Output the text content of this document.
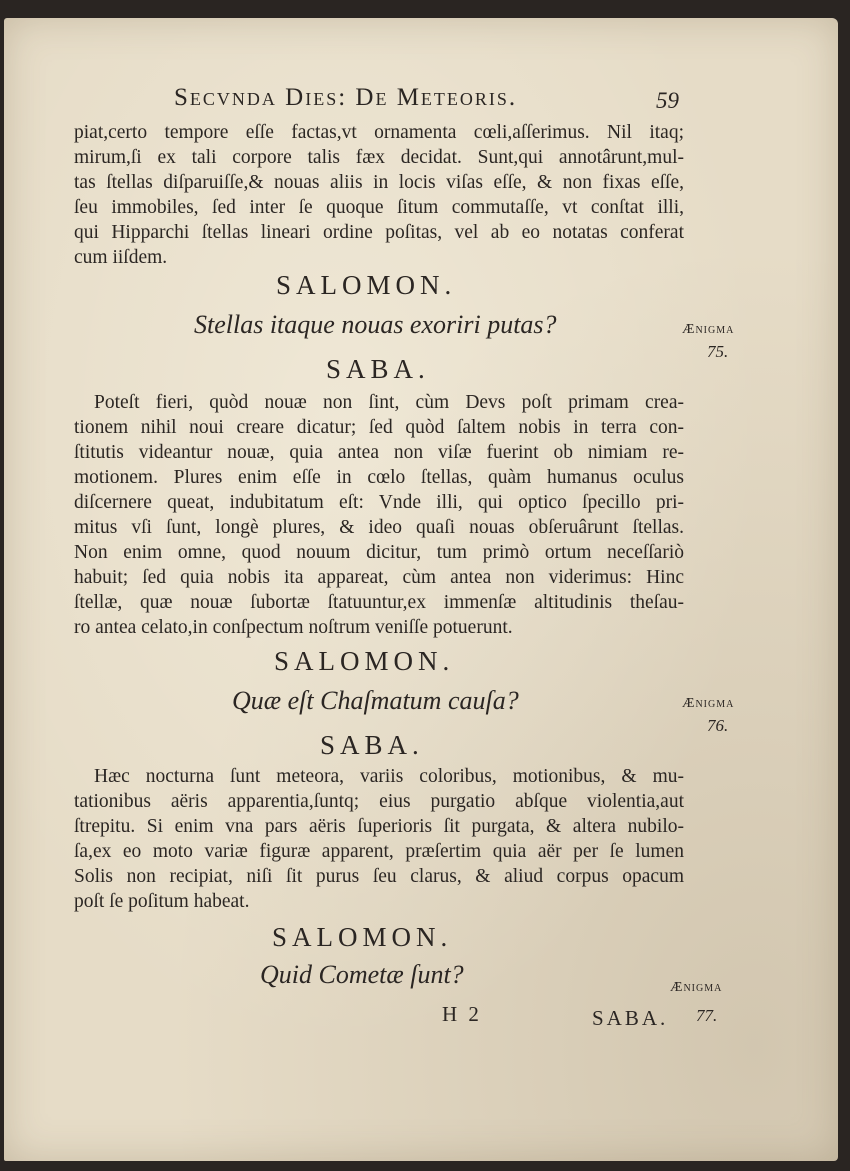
Secvnda Dies: De Meteoris.	59
piat,certo tempore eſſe factas,vt ornamenta cœli,aſſerimus. Nil itaq;
mirum,ſi ex tali corpore talis fæx decidat. Sunt,qui annotârunt,mul-
tas ſtellas diſparuiſſe,& nouas aliis in locis viſas eſſe, & non fixas eſſe,
ſeu immobiles, ſed inter ſe quoque ſitum commutaſſe, vt conſtat illi,
qui Hipparchi ſtellas lineari ordine poſitas, vel ab eo notatas conferat
cum iiſdem.
SALOMON.
Stellas itaque nouas exoriri putas?	Ænigma
75.
SABA.
Poteſt fieri, quòd nouæ non ſint, cùm Devs poſt primam crea-
tionem nihil noui creare dicatur; ſed quòd ſaltem nobis in terra con-
ſtitutis videantur nouæ, quia antea non viſæ fuerint ob nimiam re-
motionem. Plures enim eſſe in cœlo ſtellas, quàm humanus oculus
diſcernere queat, indubitatum eſt: Vnde illi, qui optico ſpecillo pri-
mitus vſi ſunt, longè plures, & ideo quaſi nouas obſeruârunt ſtellas.
Non enim omne, quod nouum dicitur, tum primò ortum neceſſariò
habuit; ſed quia nobis ita appareat, cùm antea non viderimus: Hinc
ſtellæ, quæ nouæ ſubortæ ſtatuuntur,ex immenſæ altitudinis theſau-
ro antea celato,in conſpectum noſtrum veniſſe potuerunt.
SALOMON.
Quæ eſt Chaſmatum cauſa?	Ænigma
76.
SABA.
Hæc nocturna ſunt meteora, variis coloribus, motionibus, & mu-
tationibus aëris apparentia,ſuntq; eius purgatio abſque violentia,aut
ſtrepitu. Si enim vna pars aëris ſuperioris ſit purgata, & altera nubilo-
ſa,ex eo moto variæ figuræ apparent, præſertim quia aër per ſe lumen
Solis non recipiat, niſi ſit purus ſeu clarus, & aliud corpus opacum
poſt ſe poſitum habeat.
SALOMON.
Quid Cometæ ſunt?	Ænigma
H 2	SABA. 77.
